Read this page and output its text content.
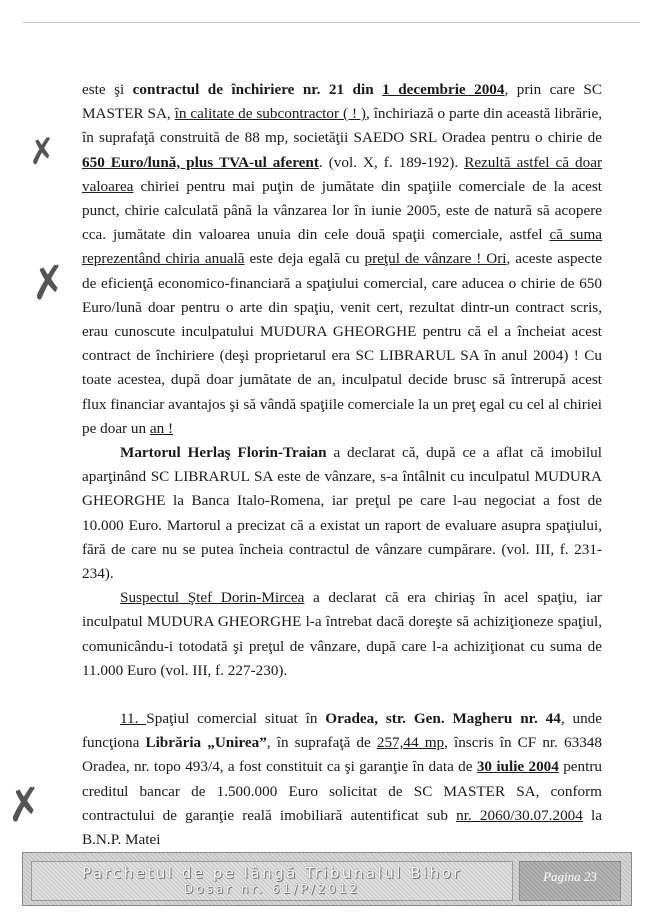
✗
✗
✗

este şi contractul de închiriere nr. 21 din 1 decembrie 2004, prin care SC MASTER SA, în calitate de subcontractor ( ! ), închiriază o parte din această librărie, în suprafaţă construită de 88 mp, societăţii SAEDO SRL Oradea pentru o chirie de 650 Euro/lună, plus TVA-ul aferent. (vol. X, f. 189-192). Rezultă astfel că doar valoarea chiriei pentru mai puţin de jumătate din spaţiile comerciale de la acest punct, chirie calculată până la vânzarea lor în iunie 2005, este de natură să acopere cca. jumătate din valoarea unuia din cele două spaţii comerciale, astfel că suma reprezentând chiria anuală este deja egală cu preţul de vânzare ! Ori, aceste aspecte de eficienţă economico-financiară a spaţiului comercial, care aducea o chirie de 650 Euro/lună doar pentru o arte din spaţiu, venit cert, rezultat dintr-un contract scris, erau cunoscute inculpatului MUDURA GHEORGHE pentru că el a încheiat acest contract de închiriere (deşi proprietarul era SC LIBRARUL SA în anul 2004) ! Cu toate acestea, după doar jumătate de an, inculpatul decide brusc să întrerupă acest flux financiar avantajos şi să vândă spaţiile comerciale la un preţ egal cu cel al chiriei pe doar un an !

Martorul Herlaş Florin-Traian a declarat că, după ce a aflat că imobilul aparţinând SC LIBRARUL SA este de vânzare, s-a întâlnit cu inculpatul MUDURA GHEORGHE la Banca Italo-Romena, iar preţul pe care l-au negociat a fost de 10.000 Euro. Martorul a precizat că a existat un raport de evaluare asupra spaţiului, fără de care nu se putea încheia contractul de vânzare cumpărare. (vol. III, f. 231-234).

Suspectul Ştef Dorin-Mircea a declarat că era chiriaş în acel spaţiu, iar inculpatul MUDURA GHEORGHE l-a întrebat dacă doreşte să achiziţioneze spaţiul, comunicându-i totodată şi preţul de vânzare, după care l-a achiziţionat cu suma de 11.000 Euro (vol. III, f. 227-230).

11. Spaţiul comercial situat în Oradea, str. Gen. Magheru nr. 44, unde funcţiona Librăria „Unirea”, în suprafaţă de 257,44 mp, înscris în CF nr. 63348 Oradea, nr. topo 493/4, a fost constituit ca şi garanţie în data de 30 iulie 2004 pentru creditul bancar de 1.500.000 Euro solicitat de SC MASTER SA, conform contractului de garanţie reală imobiliară autentificat sub nr. 2060/30.07.2004 la B.N.P. Matei

Parchetul de pe lângă Tribunalul Bihor
Dosar nr. 61/P/2012
Pagina 23
